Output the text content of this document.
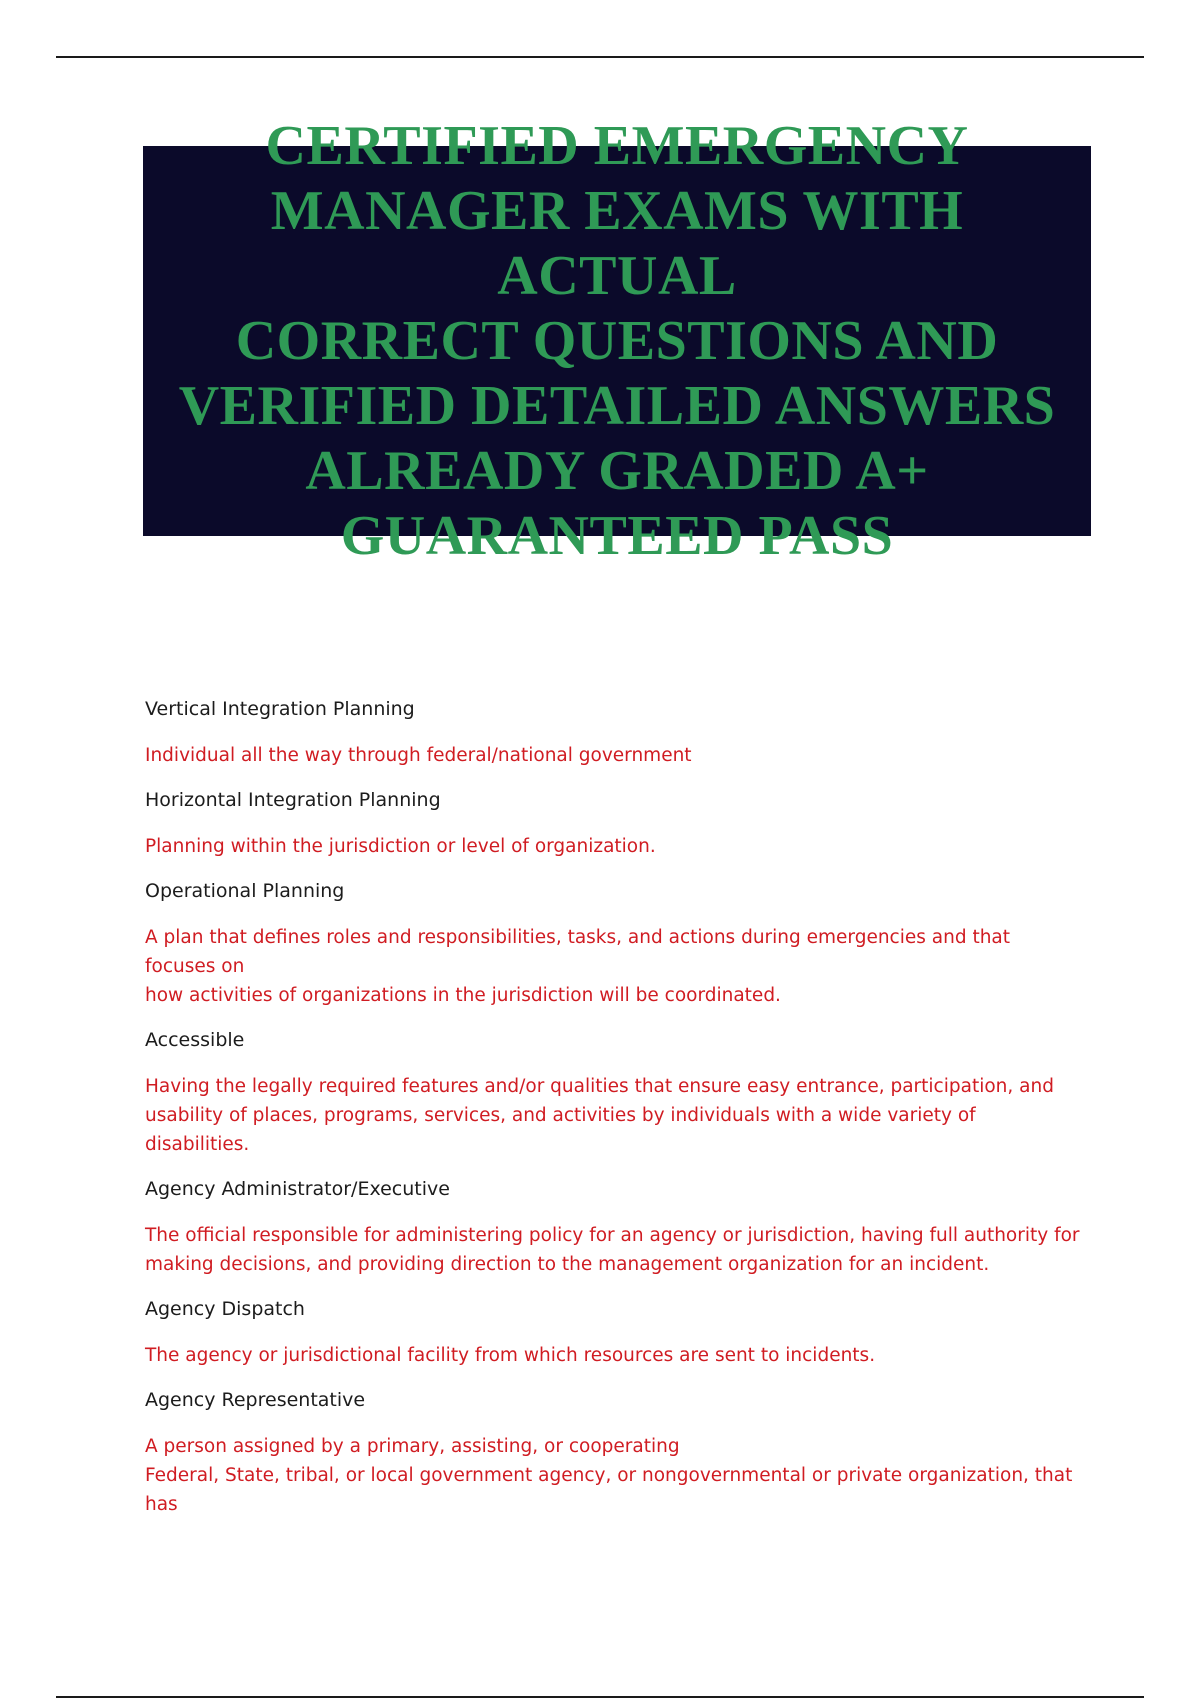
CERTIFIED EMERGENCY
MANAGER EXAMS WITH ACTUAL
CORRECT QUESTIONS AND
VERIFIED DETAILED ANSWERS
ALREADY GRADED A+
GUARANTEED PASS

Vertical Integration Planning

Individual all the way through federal/national government

Horizontal Integration Planning

Planning within the jurisdiction or level of organization.

Operational Planning

A plan that defines roles and responsibilities, tasks, and actions during emergencies and that focuses on
how activities of organizations in the jurisdiction will be coordinated.

Accessible

Having the legally required features and/or qualities that ensure easy entrance, participation, and
usability of places, programs, services, and activities by individuals with a wide variety of disabilities.

Agency Administrator/Executive

The official responsible for administering policy for an agency or jurisdiction, having full authority for
making decisions, and providing direction to the management organization for an incident.

Agency Dispatch

The agency or jurisdictional facility from which resources are sent to incidents.

Agency Representative

A person assigned by a primary, assisting, or cooperating
Federal, State, tribal, or local government agency, or nongovernmental or private organization, that has
